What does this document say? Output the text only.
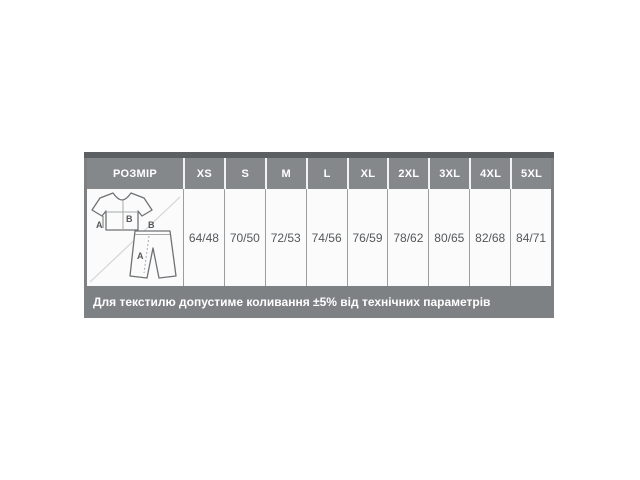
РОЗМІР	XS	S	M	L	XL	2XL	3XL	4XL	5XL
A
B
B
A
64/48 70/50 72/53 74/56 76/59 78/62 80/65 82/68 84/71
Для текстилю допустиме коливання ±5% від технічних параметрів
